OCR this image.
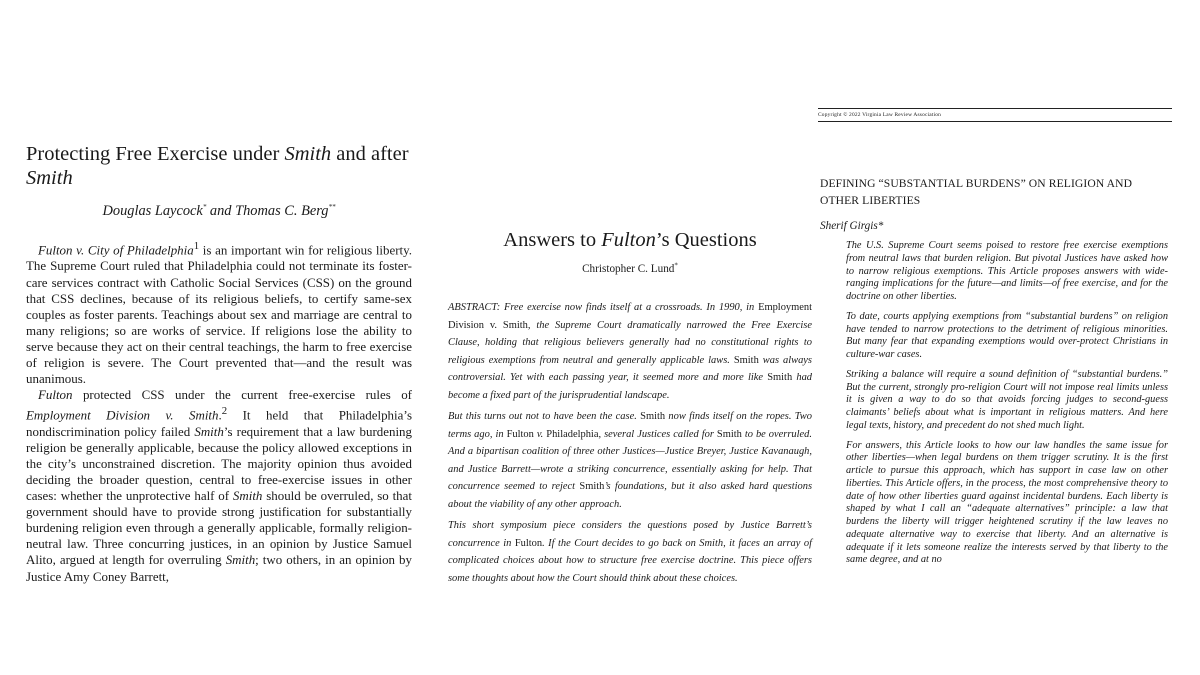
Protecting Free Exercise under Smith and after Smith
Douglas Laycock* and Thomas C. Berg**

Fulton v. City of Philadelphia$^1$ is an important win for religious liberty. The Supreme Court ruled that Philadelphia could not terminate its foster-care services contract with Catholic Social Services (CSS) on the ground that CSS declines, because of its religious beliefs, to certify same-sex couples as foster parents. Teachings about sex and marriage are central to many religions; so are works of service. If religions lose the ability to serve because they act on their central teachings, the harm to free exercise of religion is severe. The Court prevented that—and the result was unanimous.

Fulton protected CSS under the current free-exercise rules of Employment Division v. Smith.$^2$ It held that Philadelphia’s nondiscrimination policy failed Smith’s requirement that a law burdening religion be generally applicable, because the policy allowed exceptions in the city’s unconstrained discretion. The majority opinion thus avoided deciding the broader question, central to free-exercise issues in other cases: whether the unprotective half of Smith should be overruled, so that government should have to provide strong justification for substantially burdening religion even through a generally applicable, formally religion-neutral law. Three concurring justices, in an opinion by Justice Samuel Alito, argued at length for overruling Smith; two others, in an opinion by Justice Amy Coney Barrett,

Answers to Fulton’s Questions
Christopher C. Lund*

ABSTRACT: Free exercise now finds itself at a crossroads. In 1990, in Employment Division v. Smith, the Supreme Court dramatically narrowed the Free Exercise Clause, holding that religious believers generally had no constitutional rights to religious exemptions from neutral and generally applicable laws. Smith was always controversial. Yet with each passing year, it seemed more and more like Smith had become a fixed part of the jurisprudential landscape.

But this turns out not to have been the case. Smith now finds itself on the ropes. Two terms ago, in Fulton v. Philadelphia, several Justices called for Smith to be overruled. And a bipartisan coalition of three other Justices—Justice Breyer, Justice Kavanaugh, and Justice Barrett—wrote a striking concurrence, essentially asking for help. That concurrence seemed to reject Smith’s foundations, but it also asked hard questions about the viability of any other approach.

This short symposium piece considers the questions posed by Justice Barrett’s concurrence in Fulton. If the Court decides to go back on Smith, it faces an array of complicated choices about how to structure free exercise doctrine. This piece offers some thoughts about how the Court should think about these choices.

Copyright © 2022 Virginia Law Review Association
DEFINING “SUBSTANTIAL BURDENS” ON RELIGION AND OTHER LIBERTIES
Sherif Girgis*

The U.S. Supreme Court seems poised to restore free exercise exemptions from neutral laws that burden religion. But pivotal Justices have asked how to narrow religious exemptions. This Article proposes answers with wide-ranging implications for the future—and limits—of free exercise, and for the doctrine on other liberties.

To date, courts applying exemptions from “substantial burdens” on religion have tended to narrow protections to the detriment of religious minorities. But many fear that expanding exemptions would over-protect Christians in culture-war cases.

Striking a balance will require a sound definition of “substantial burdens.” But the current, strongly pro-religion Court will not impose real limits unless it is given a way to do so that avoids forcing judges to second-guess claimants’ beliefs about what is important in religious matters. And here legal texts, history, and precedent do not shed much light.

For answers, this Article looks to how our law handles the same issue for other liberties—when legal burdens on them trigger scrutiny. It is the first article to pursue this approach, which has support in case law on other liberties. This Article offers, in the process, the most comprehensive theory to date of how other liberties guard against incidental burdens. Each liberty is shaped by what I call an “adequate alternatives” principle: a law that burdens the liberty will trigger heightened scrutiny if the law leaves no adequate alternative way to exercise that liberty. And an alternative is adequate if it lets someone realize the interests served by that liberty to the same degree, and at no
